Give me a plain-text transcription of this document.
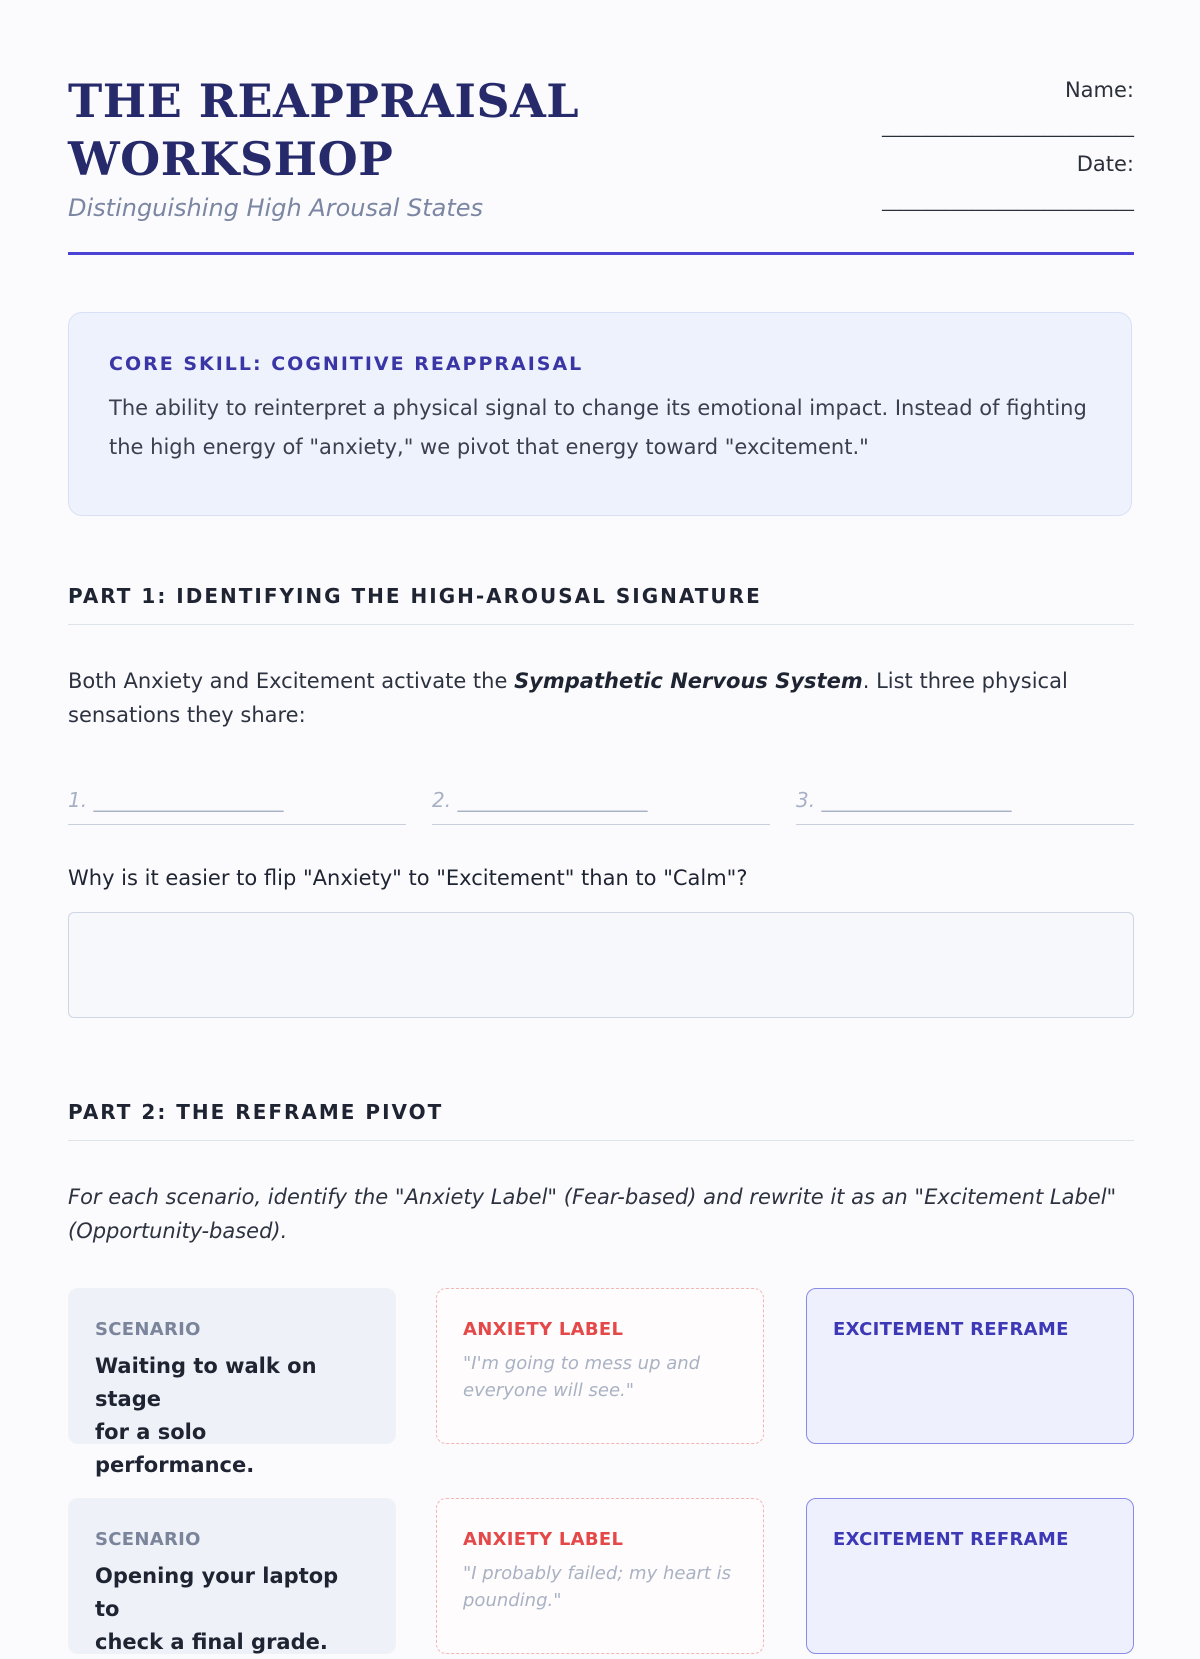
THE REAPPRAISAL
WORKSHOP
Distinguishing High Arousal States
Name:
____________________________
Date:
____________________________
CORE SKILL: COGNITIVE REAPPRAISAL
The ability to reinterpret a physical signal to change its emotional impact. Instead of fighting
the high energy of "anxiety," we pivot that energy toward "excitement."
PART 1: IDENTIFYING THE HIGH-AROUSAL SIGNATURE
Both Anxiety and Excitement activate the Sympathetic Nervous System. List three physical
sensations they share:
1. ___________________	2. ___________________	3. ___________________
Why is it easier to flip "Anxiety" to "Excitement" than to "Calm"?
PART 2: THE REFRAME PIVOT
For each scenario, identify the "Anxiety Label" (Fear-based) and rewrite it as an "Excitement Label"
(Opportunity-based).
SCENARIO
Waiting to walk on stage
for a solo performance.
ANXIETY LABEL
"I'm going to mess up and
everyone will see."
EXCITEMENT REFRAME
SCENARIO
Opening your laptop to
check a final grade.
ANXIETY LABEL
"I probably failed; my heart is
pounding."
EXCITEMENT REFRAME
